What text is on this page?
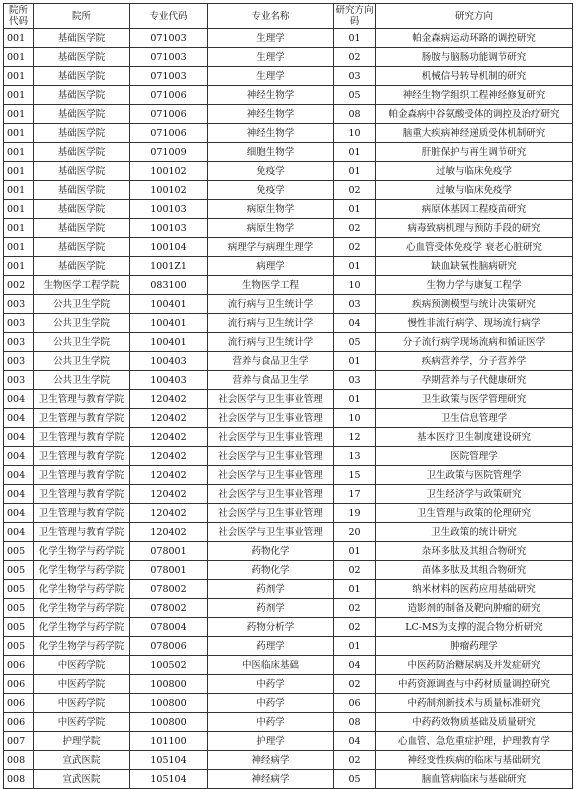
院所代码	院所	专业代码	专业名称	研究方向码	研究方向
001	基础医学院	071003	生理学	01	帕金森病运动环路的调控研究
001	基础医学院	071003	生理学	02	肠胺与脑肠功能调节研究
001	基础医学院	071003	生理学	03	机械信号转导机制的研究
001	基础医学院	071006	神经生物学	05	神经生物学组织工程神经修复研究
001	基础医学院	071006	神经生物学	08	帕金森病中谷氨酸受体的调控及治疗研究
001	基础医学院	071006	神经生物学	10	脑重大疾病神经递质受体机制研究
001	基础医学院	071009	细胞生物学	01	肝脏保护与再生调节研究
001	基础医学院	100102	免疫学	01	过敏与临床免疫学
001	基础医学院	100102	免疫学	02	过敏与临床免疫学
001	基础医学院	100103	病原生物学	01	病原体基因工程疫苗研究
001	基础医学院	100103	病原生物学	02	病毒致病机理与预防手段的研究
001	基础医学院	100104	病理学与病理生理学	02	心血管受体免疫学 衰老心脏研究
001	基础医学院	1001Z1	病理学	01	缺血缺氧性脑病研究
002	生物医学工程学院	083100	生物医学工程	10	生物力学与康复工程学
003	公共卫生学院	100401	流行病与卫生统计学	03	疾病预测模型与统计决策研究
003	公共卫生学院	100401	流行病与卫生统计学	04	慢性非流行病学、现场流行病学
003	公共卫生学院	100401	流行病与卫生统计学	05	分子流行病学现场流病和循证医学
003	公共卫生学院	100403	营养与食品卫生学	01	疾病营养学，分子营养学
003	公共卫生学院	100403	营养与食品卫生学	03	孕期营养与子代健康研究
004	卫生管理与教育学院	120402	社会医学与卫生事业管理	01	卫生政策与医学管理研究
004	卫生管理与教育学院	120402	社会医学与卫生事业管理	10	卫生信息管理学
004	卫生管理与教育学院	120402	社会医学与卫生事业管理	12	基本医疗卫生制度建设研究
004	卫生管理与教育学院	120402	社会医学与卫生事业管理	13	医院管理学
004	卫生管理与教育学院	120402	社会医学与卫生事业管理	15	卫生政策与医院管理学
004	卫生管理与教育学院	120402	社会医学与卫生事业管理	17	卫生经济学与政策研究
004	卫生管理与教育学院	120402	社会医学与卫生事业管理	19	卫生管理与政策的伦理研究
004	卫生管理与教育学院	120402	社会医学与卫生事业管理	20	卫生政策的统计研究
005	化学生物学与药学院	078001	药物化学	01	杂环多肽及其组合物研究
005	化学生物学与药学院	078001	药物化学	02	苗体多肽及其组合物研究
005	化学生物学与药学院	078002	药剂学	01	纳米材料的医药应用基础研究
005	化学生物学与药学院	078002	药剂学	02	造影剂的制备及靶向肿瘤的研究
005	化学生物学与药学院	078004	药物分析学	02	LC-MS为支撑的混合物分析研究
005	化学生物学与药学院	078006	药理学	01	肿瘤药理学
006	中医药学院	100502	中医临床基础	04	中医药防治糖尿病及并发症研究
006	中医药学院	100800	中药学	02	中药资源调查与中药材质量调控研究
006	中医药学院	100800	中药学	06	中药制剂新技术与质量标准研究
006	中医药学院	100800	中药学	08	中药药效物质基础及质量研究
007	护理学院	101100	护理学	04	心血管、急危重症护理，护理教育学
008	宣武医院	105104	神经病学	02	神经变性疾病的临床与基础研究
008	宣武医院	105104	神经病学	05	脑血管病临床与基础研究
